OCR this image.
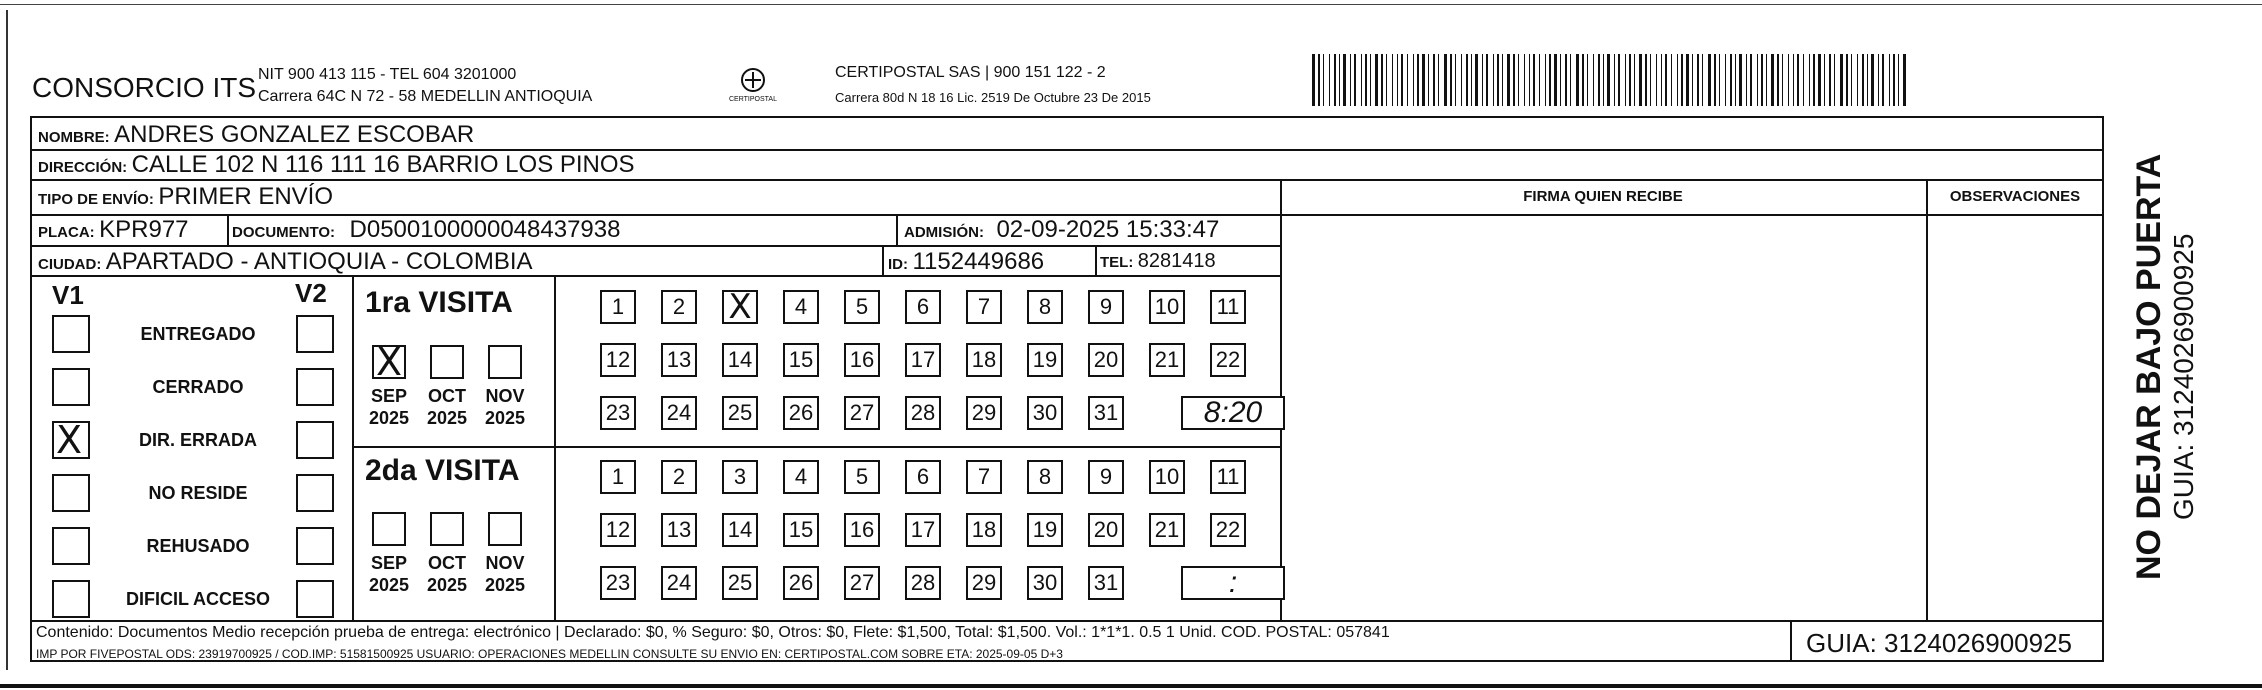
CONSORCIO ITS NIT 900 413 115 - TEL 604 3201000
Carrera 64C N 72 - 58 MEDELLIN ANTIOQUIA	CERTIPOSTAL
CERTIPOSTAL SAS | 900 151 122 - 2
Carrera 80d N 18 16 Lic. 2519 De Octubre 23 De 2015
NOMBRE: ANDRES GONZALEZ ESCOBAR
DIRECCIÓN: CALLE 102 N 116 111 16 BARRIO LOS PINOS
TIPO DE ENVÍO: PRIMER ENVÍO	FIRMA QUIEN RECIBE	OBSERVACIONES
PLACA: KPR977	DOCUMENTO: D0500100000048437938	ADMISIÓN: 02-09-2025 15:33:47
CIUDAD: APARTADO - ANTIOQUIA - COLOMBIA	ID: 1152449686	TEL: 8281418
V1	V2
ENTREGADO
CERRADO
X	DIR. ERRADA
NO RESIDE
REHUSADO
DIFICIL ACCESO
1ra VISITA
2da VISITA
X
SEP
2025
OCT
2025
NOV
2025
SEP
2025
OCT
2025
NOV
2025
1	2	X	4	5	6	7	8	9	10 11
12 13 14 15 16 17 18 19 20 21 22
23 24 25 26 27 28 29 30 31	8:20
1	2	3	4	5	6	7	8	9	10 11
12 13 14 15 16 17 18 19 20 21 22
23 24 25 26 27 28 29 30 31	:
Contenido: Documentos Medio recepción prueba de entrega: electrónico | Declarado: $0, % Seguro: $0, Otros: $0, Flete: $1,500, Total: $1,500. Vol.: 1*1*1. 0.5 1 Unid. COD. POSTAL: 057841
IMP POR FIVEPOSTAL ODS: 23919700925 / COD.IMP: 51581500925 USUARIO: OPERACIONES MEDELLIN CONSULTE SU ENVIO EN: CERTIPOSTAL.COM SOBRE ETA: 2025-09-05 D+3	GUIA: 3124026900925
NO DEJAR BAJO PUERTA GUIA: 3124026900925
